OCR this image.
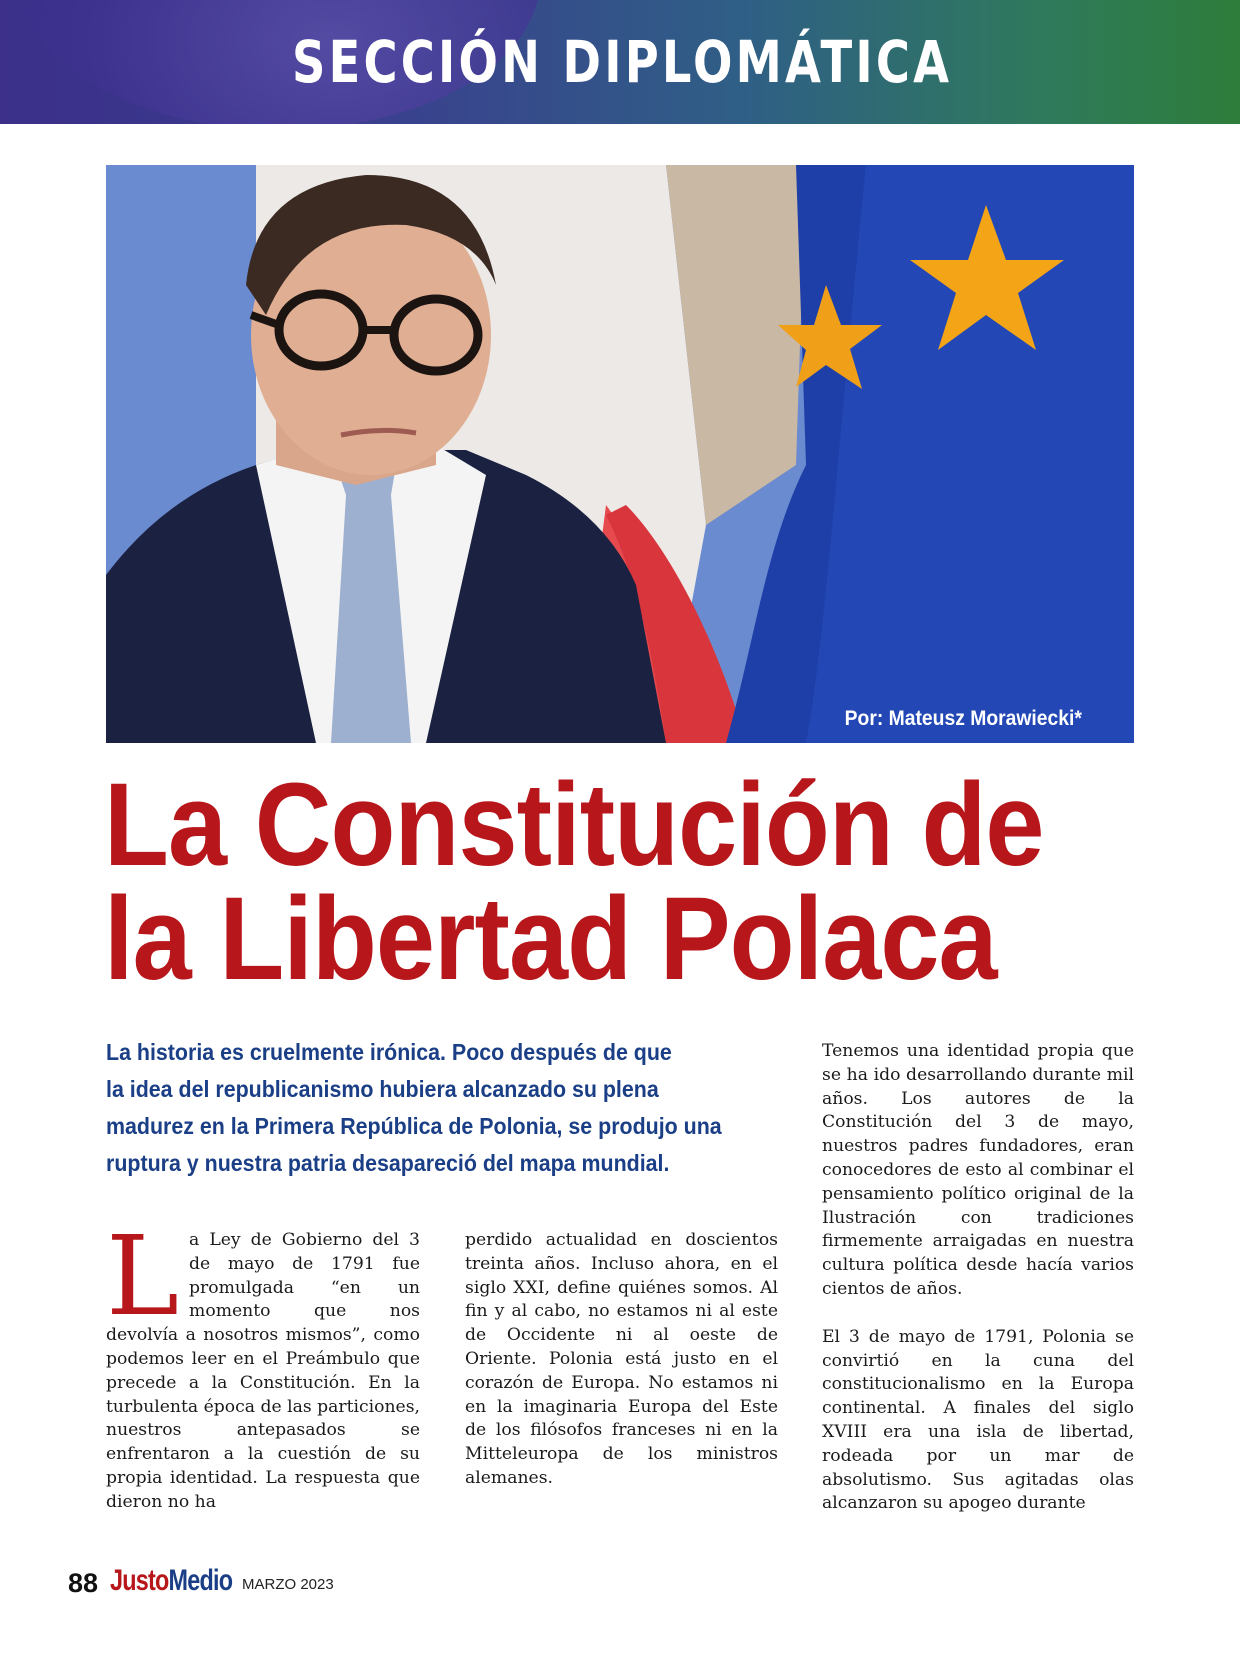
SECCIÓN DIPLOMÁTICA
Por: Mateusz Morawiecki*
La Constitución de
la Libertad Polaca
La historia es cruelmente irónica. Poco después de que
la idea del republicanismo hubiera alcanzado su plena
madurez en la Primera República de Polonia, se produjo una
ruptura y nuestra patria desapareció del mapa mundial.

La Ley de Gobierno del 3 de mayo de 1791 fue promulgada “en un momento que nos devolvía a nosotros mismos”, como podemos leer en el Preámbulo que precede a la Constitución. En la turbulenta época de las particiones, nuestros antepasados se enfrentaron a la cuestión de su propia identidad. La respuesta que dieron no ha

perdido actualidad en doscientos treinta años. Incluso ahora, en el siglo XXI, define quiénes somos. Al fin y al cabo, no estamos ni al este de Occidente ni al oeste de Oriente. Polonia está justo en el corazón de Europa. No estamos ni en la imaginaria Europa del Este de los filósofos franceses ni en la Mitteleuropa de los ministros alemanes.

Tenemos una identidad propia que se ha ido desarrollando durante mil años. Los autores de la Constitución del 3 de mayo, nuestros padres fundadores, eran conocedores de esto al combinar el pensamiento político original de la Ilustración con tradiciones firmemente arraigadas en nuestra cultura política desde hacía varios cientos de años.

El 3 de mayo de 1791, Polonia se convirtió en la cuna del constitucionalismo en la Europa continental. A finales del siglo XVIII era una isla de libertad, rodeada por un mar de absolutismo. Sus agitadas olas alcanzaron su apogeo durante

88 JustoMedio MARZO 2023
